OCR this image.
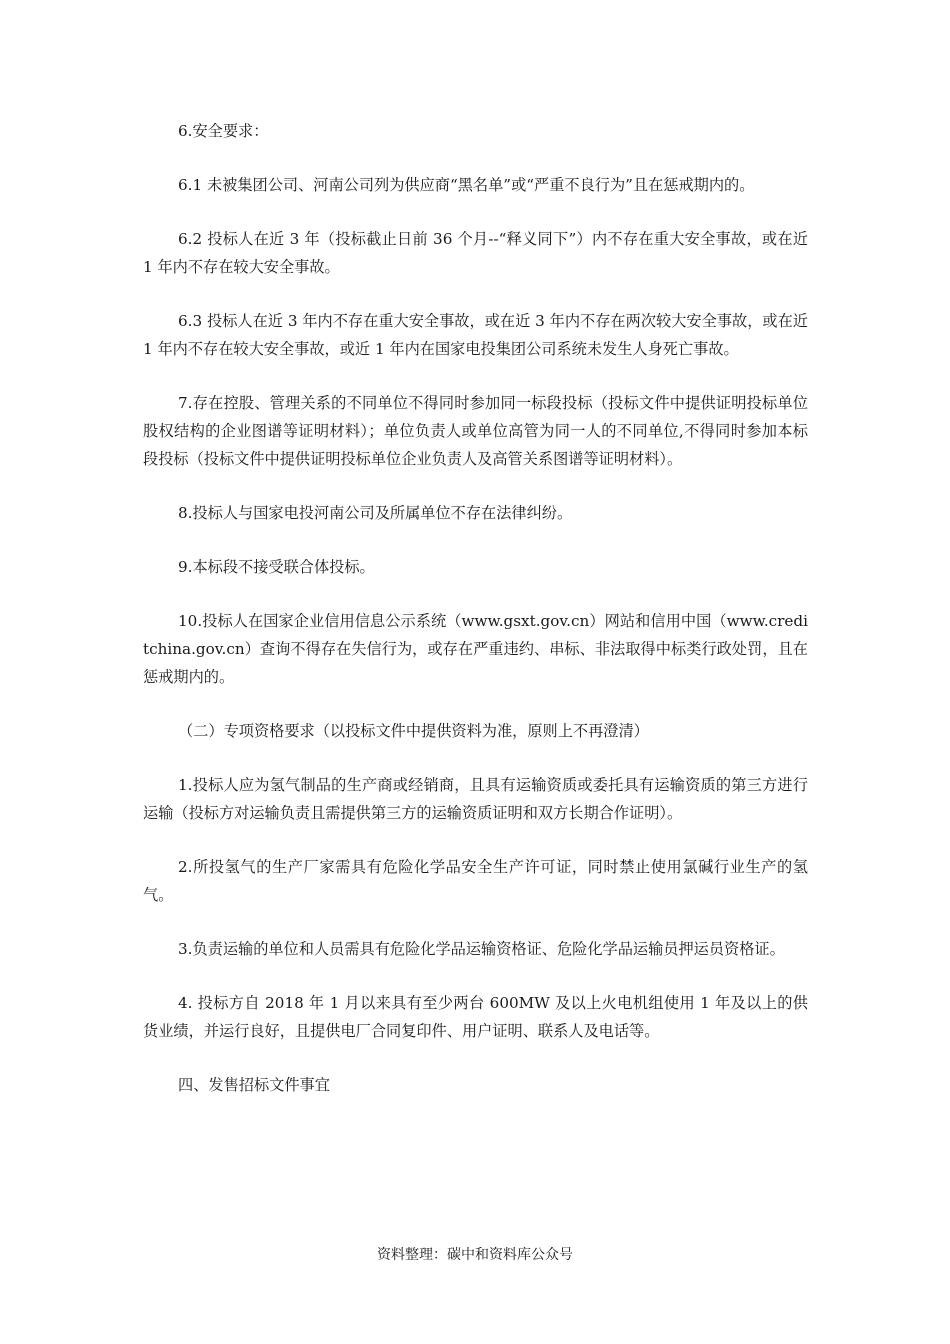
6.安全要求：

6.1 未被集团公司、河南公司列为供应商“黑名单”或“严重不良行为”且在惩戒期内的。

6.2 投标人在近 3 年（投标截止日前 36 个月--“释义同下”）内不存在重大安全事故，或在近 1 年内不存在较大安全事故。

6.3 投标人在近 3 年内不存在重大安全事故，或在近 3 年内不存在两次较大安全事故，或在近 1 年内不存在较大安全事故，或近 1 年内在国家电投集团公司系统未发生人身死亡事故。

7.存在控股、管理关系的不同单位不得同时参加同一标段投标（投标文件中提供证明投标单位股权结构的企业图谱等证明材料）；单位负责人或单位高管为同一人的不同单位,不得同时参加本标段投标（投标文件中提供证明投标单位企业负责人及高管关系图谱等证明材料）。

8.投标人与国家电投河南公司及所属单位不存在法律纠纷。

9.本标段不接受联合体投标。

10.投标人在国家企业信用信息公示系统（www.gsxt.gov.cn）网站和信用中国（www.creditchina.gov.cn）查询不得存在失信行为，或存在严重违约、串标、非法取得中标类行政处罚，且在惩戒期内的。

（二）专项资格要求（以投标文件中提供资料为准，原则上不再澄清）

1.投标人应为氢气制品的生产商或经销商，且具有运输资质或委托具有运输资质的第三方进行运输（投标方对运输负责且需提供第三方的运输资质证明和双方长期合作证明）。

2.所投氢气的生产厂家需具有危险化学品安全生产许可证，同时禁止使用氯碱行业生产的氢气。

3.负责运输的单位和人员需具有危险化学品运输资格证、危险化学品运输员押运员资格证。

4. 投标方自 2018 年 1 月以来具有至少两台 600MW 及以上火电机组使用 1 年及以上的供货业绩，并运行良好，且提供电厂合同复印件、用户证明、联系人及电话等。

四、发售招标文件事宜

资料整理：碳中和资料库公众号
